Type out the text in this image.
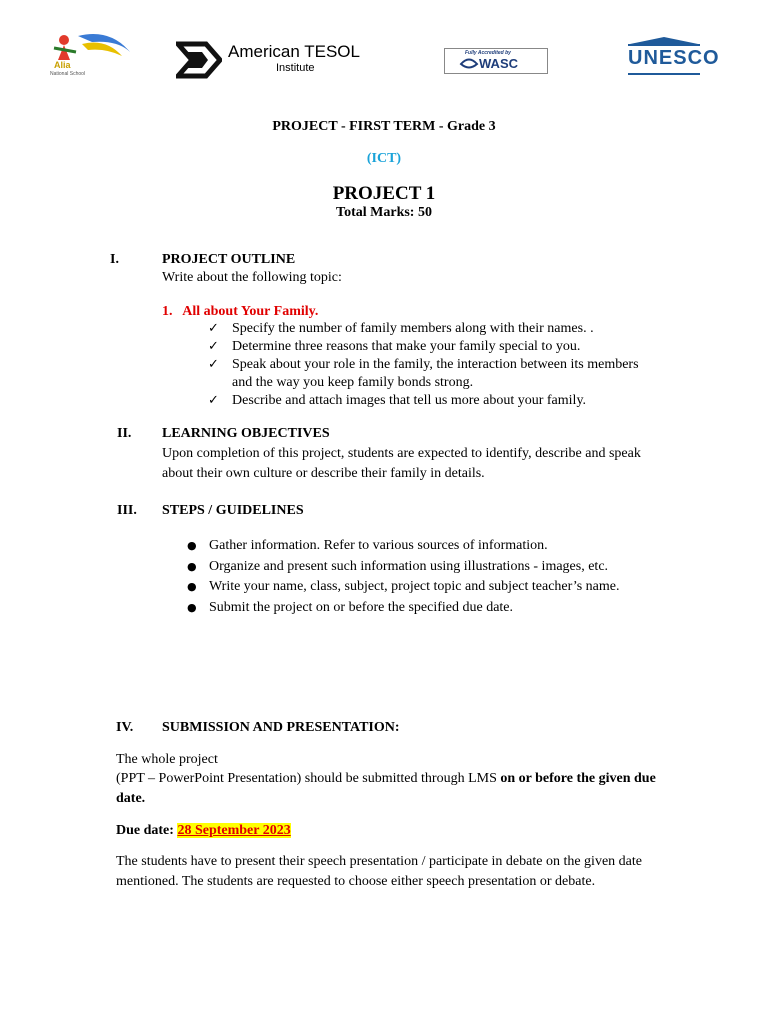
Alia
National School
American TESOL
Institute
Fully Accredited by
WASC	UNESCO
PROJECT - FIRST TERM - Grade 3
(ICT)
PROJECT 1
Total Marks: 50
I.	PROJECT OUTLINE

Write about the following topic:

1.   All about Your Family.

✓ Specify the number of family members along with their names. .
✓ Determine three reasons that make your family special to you.
✓ Speak about your role in the family, the interaction between its members and the way you keep family bonds strong.
✓ Describe and attach images that tell us more about your family.
II. LEARNING OBJECTIVES

Upon completion of this project, students are expected to identify, describe and speak about their own culture or describe their family in details.

III. STEPS / GUIDELINES
● Gather information. Refer to various sources of information.
● Organize and present such information using illustrations - images, etc.
● Write your name, class, subject, project topic and subject teacher’s name.
● Submit the project on or before the specified due date.
IV. SUBMISSION AND PRESENTATION:

The whole project

(PPT – PowerPoint Presentation) should be submitted through LMS on or before the given due date.

Due date: 28 September 2023

The students have to present their speech presentation / participate in debate on the given date mentioned. The students are requested to choose either speech presentation or debate.
